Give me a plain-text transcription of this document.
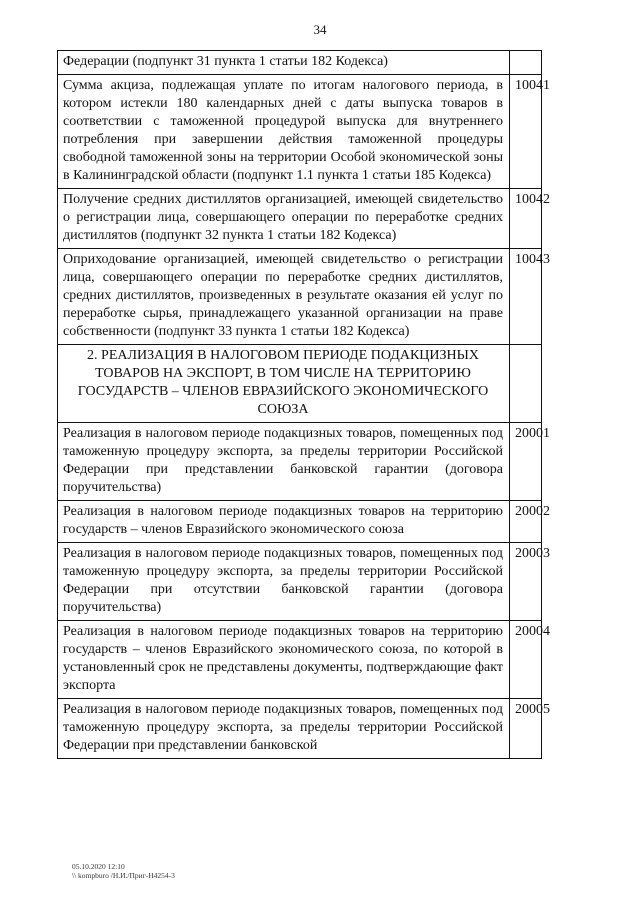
34
Федерации (подпункт 31 пункта 1 статьи 182 Кодекса)	
Сумма акциза, подлежащая уплате по итогам налогового периода, в котором истекли 180 календарных дней с даты выпуска товаров в соответствии с таможенной процедурой выпуска для внутреннего потребления при завершении действия таможенной процедуры свободной таможенной зоны на территории Особой экономической зоны в Калининградской области (подпункт 1.1 пункта 1 статьи 185 Кодекса)	10041
Получение средних дистиллятов организацией, имеющей свидетельство о регистрации лица, совершающего операции по переработке средних дистиллятов (подпункт 32 пункта 1 статьи 182 Кодекса)	10042
Оприходование организацией, имеющей свидетельство о регистрации лица, совершающего операции по переработке средних дистиллятов, средних дистиллятов, произведенных в результате оказания ей услуг по переработке сырья, принадлежащего указанной организации на праве собственности (подпункт 33 пункта 1 статьи 182 Кодекса)	10043
2. РЕАЛИЗАЦИЯ В НАЛОГОВОМ ПЕРИОДЕ ПОДАКЦИЗНЫХ ТОВАРОВ НА ЭКСПОРТ, В ТОМ ЧИСЛЕ НА ТЕРРИТОРИЮ ГОСУДАРСТВ – ЧЛЕНОВ ЕВРАЗИЙСКОГО ЭКОНОМИЧЕСКОГО СОЮЗА	
Реализация в налоговом периоде подакцизных товаров, помещенных под таможенную процедуру экспорта, за пределы территории Российской Федерации при представлении банковской гарантии (договора поручительства)	20001
Реализация в налоговом периоде подакцизных товаров на территорию государств – членов Евразийского экономического союза	20002
Реализация в налоговом периоде подакцизных товаров, помещенных под таможенную процедуру экспорта, за пределы территории Российской Федерации при отсутствии банковской гарантии (договора поручительства)	20003
Реализация в налоговом периоде подакцизных товаров на территорию государств – членов Евразийского экономического союза, по которой в установленный срок не представлены документы, подтверждающие факт экспорта	20004
Реализация в налоговом периоде подакцизных товаров, помещенных под таможенную процедуру экспорта, за пределы территории Российской Федерации при представлении банковской	20005
05.10.2020 12:10
\\ kompburo /Н.И./Приг-Н4254-3
